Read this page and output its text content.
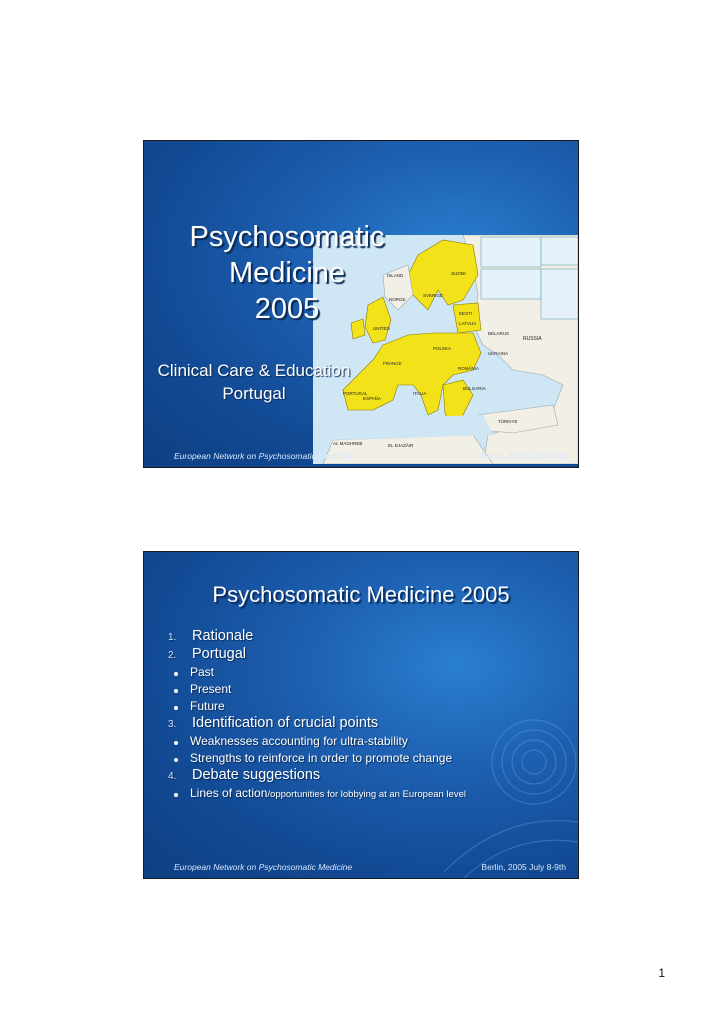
ÍSLAND	SUOMI
SVERIGE
NORGE
EESTI
LATVIJA
UNITED
POLSKA
RUSSIA
BELARUS
UKRAINA
FRANCE
ESPAÑA
PORTUGAL	ITALIA
ROMÂNIA
BULGARIA
TÜRKIYE
EL DJAZÂIR
AL MAGHREB
Psychosomatic Medicine
2005
Clinical Care & Education
Portugal
European Network on Psychosomatic Medicine	Berlin, 2005 July 8-9th
Psychosomatic Medicine 2005
1.	Rationale
2.	Portugal
Past
Present
Future
3.	Identification of crucial points
Weaknesses accounting for ultra-stability
Strengths to reinforce in order to promote change
4.	Debate suggestions
Lines of action/opportunities for lobbying at an European level
European Network on Psychosomatic Medicine	Berlin, 2005 July 8-9th
1
